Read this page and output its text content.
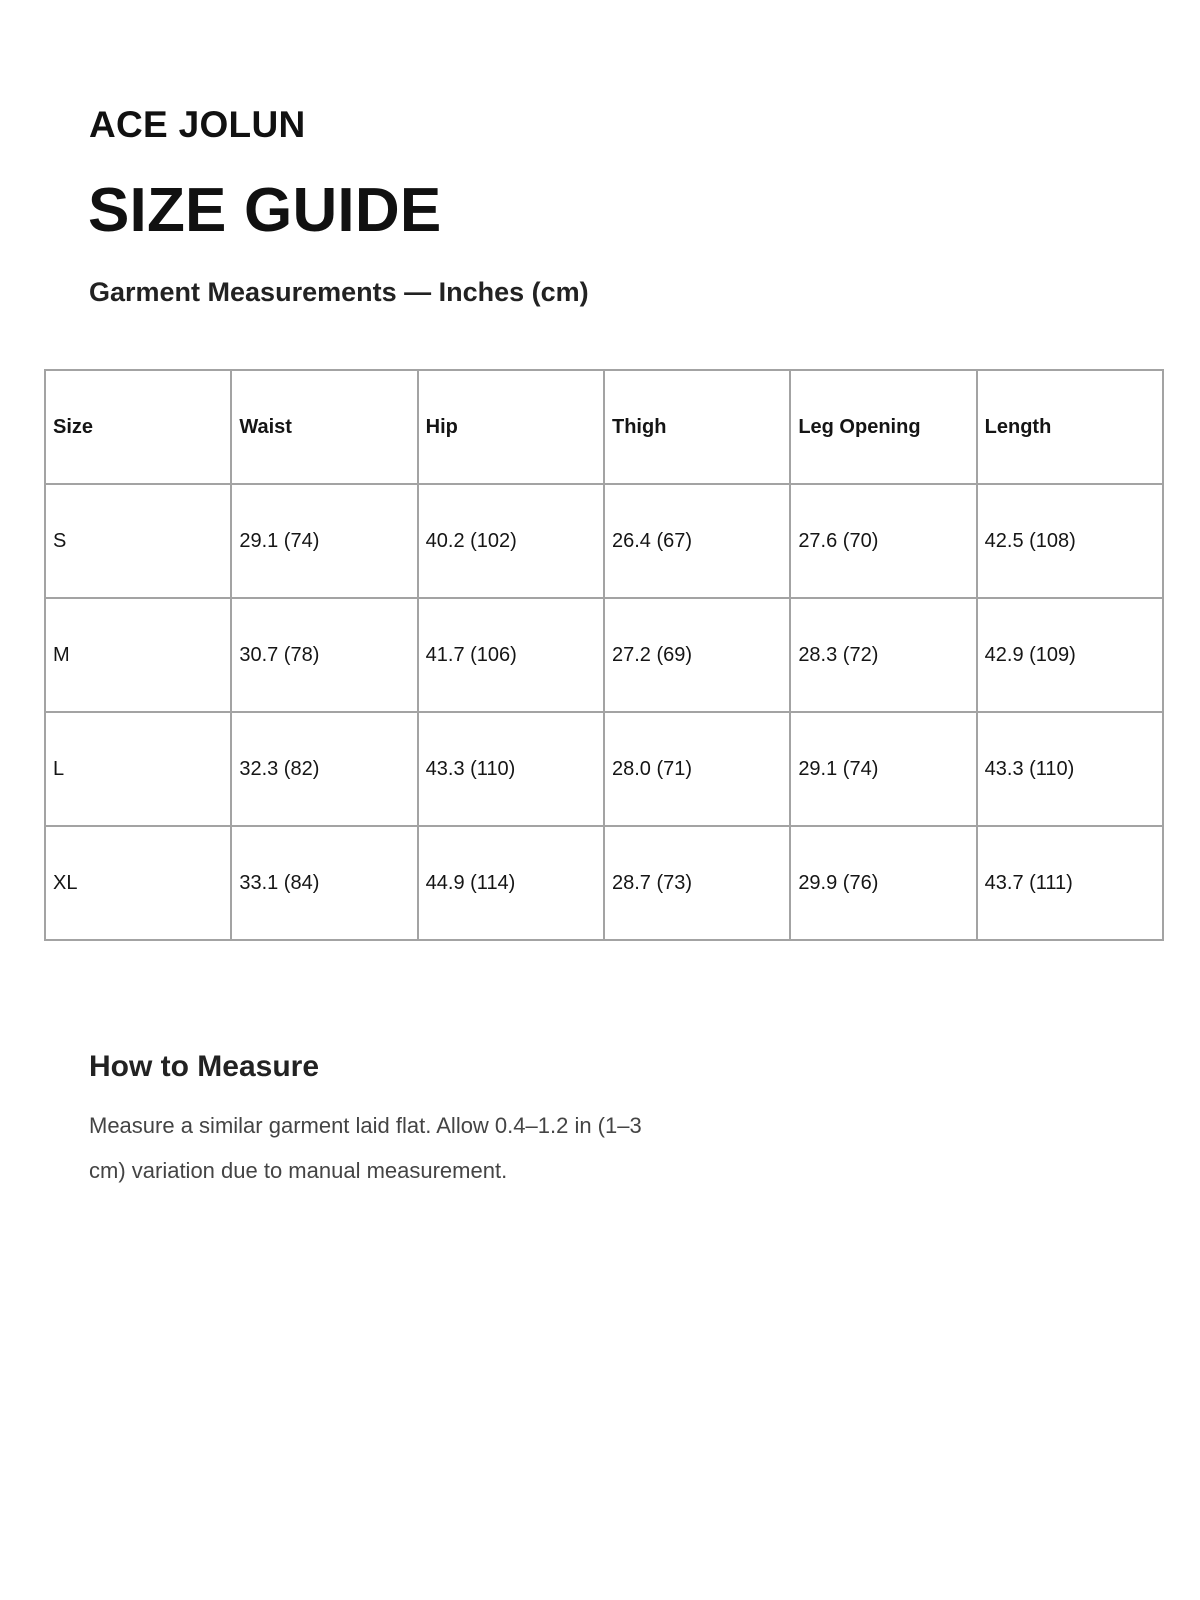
ACE JOLUN
SIZE GUIDE
Garment Measurements — Inches (cm)
Size	Waist	Hip	Thigh	Leg Opening	Length
S	29.1 (74)	40.2 (102)	26.4 (67)	27.6 (70)	42.5 (108)
M	30.7 (78)	41.7 (106)	27.2 (69)	28.3 (72)	42.9 (109)
L	32.3 (82)	43.3 (110)	28.0 (71)	29.1 (74)	43.3 (110)
XL	33.1 (84)	44.9 (114)	28.7 (73)	29.9 (76)	43.7 (111)
How to Measure

Measure a similar garment laid flat. Allow 0.4–1.2 in (1–3 cm) variation due to manual measurement.
